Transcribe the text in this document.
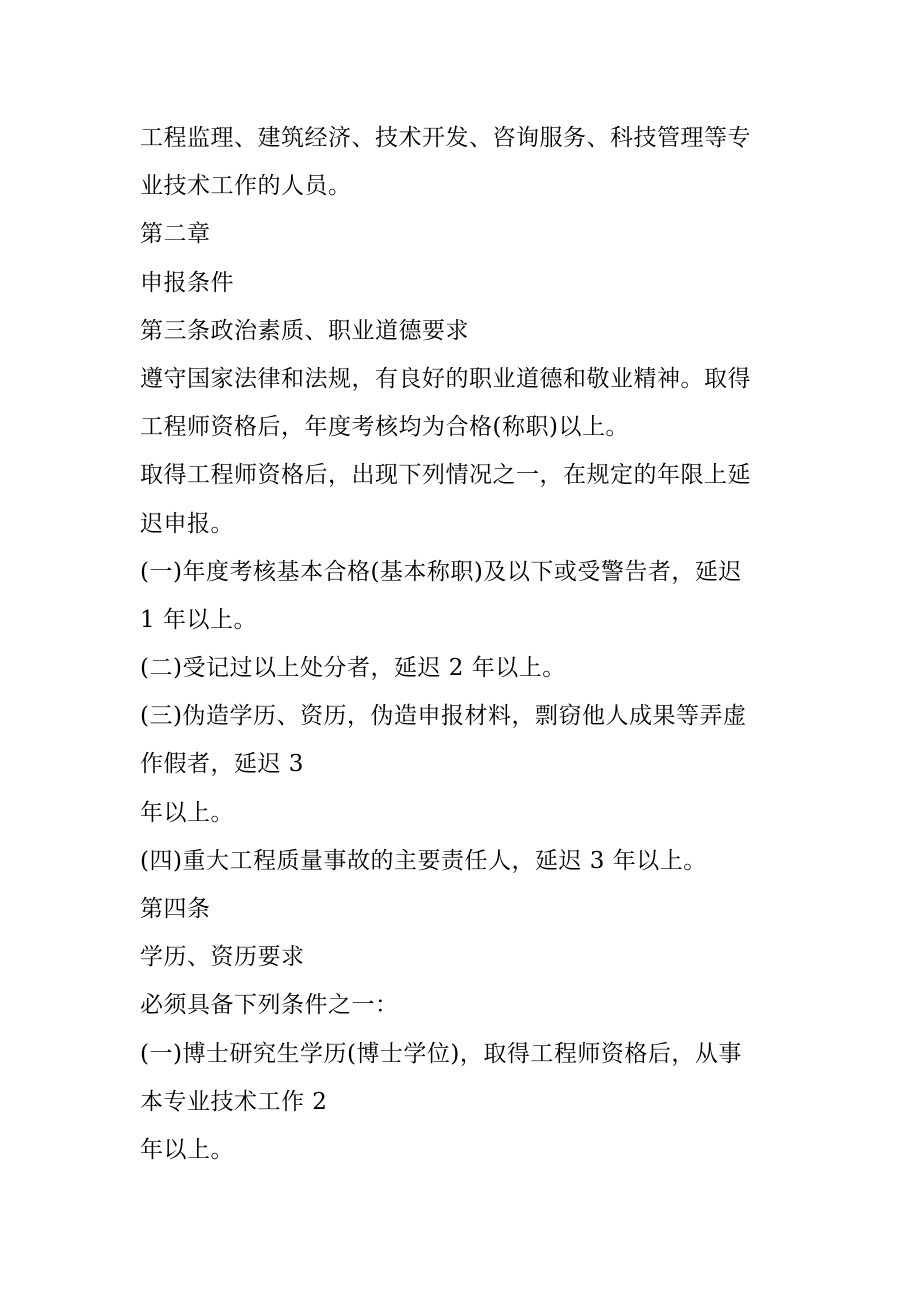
工程监理、建筑经济、技术开发、咨询服务、科技管理等专
业技术工作的人员。
第二章
申报条件
第三条政治素质、职业道德要求
遵守国家法律和法规，有良好的职业道德和敬业精神。取得
工程师资格后，年度考核均为合格(称职)以上。
取得工程师资格后，出现下列情况之一，在规定的年限上延
迟申报。
(一)年度考核基本合格(基本称职)及以下或受警告者，延迟
1 年以上。
(二)受记过以上处分者，延迟 2 年以上。
(三)伪造学历、资历，伪造申报材料，剽窃他人成果等弄虚
作假者，延迟 3
年以上。
(四)重大工程质量事故的主要责任人，延迟 3 年以上。
第四条
学历、资历要求
必须具备下列条件之一：
(一)博士研究生学历(博士学位)，取得工程师资格后，从事
本专业技术工作 2
年以上。
